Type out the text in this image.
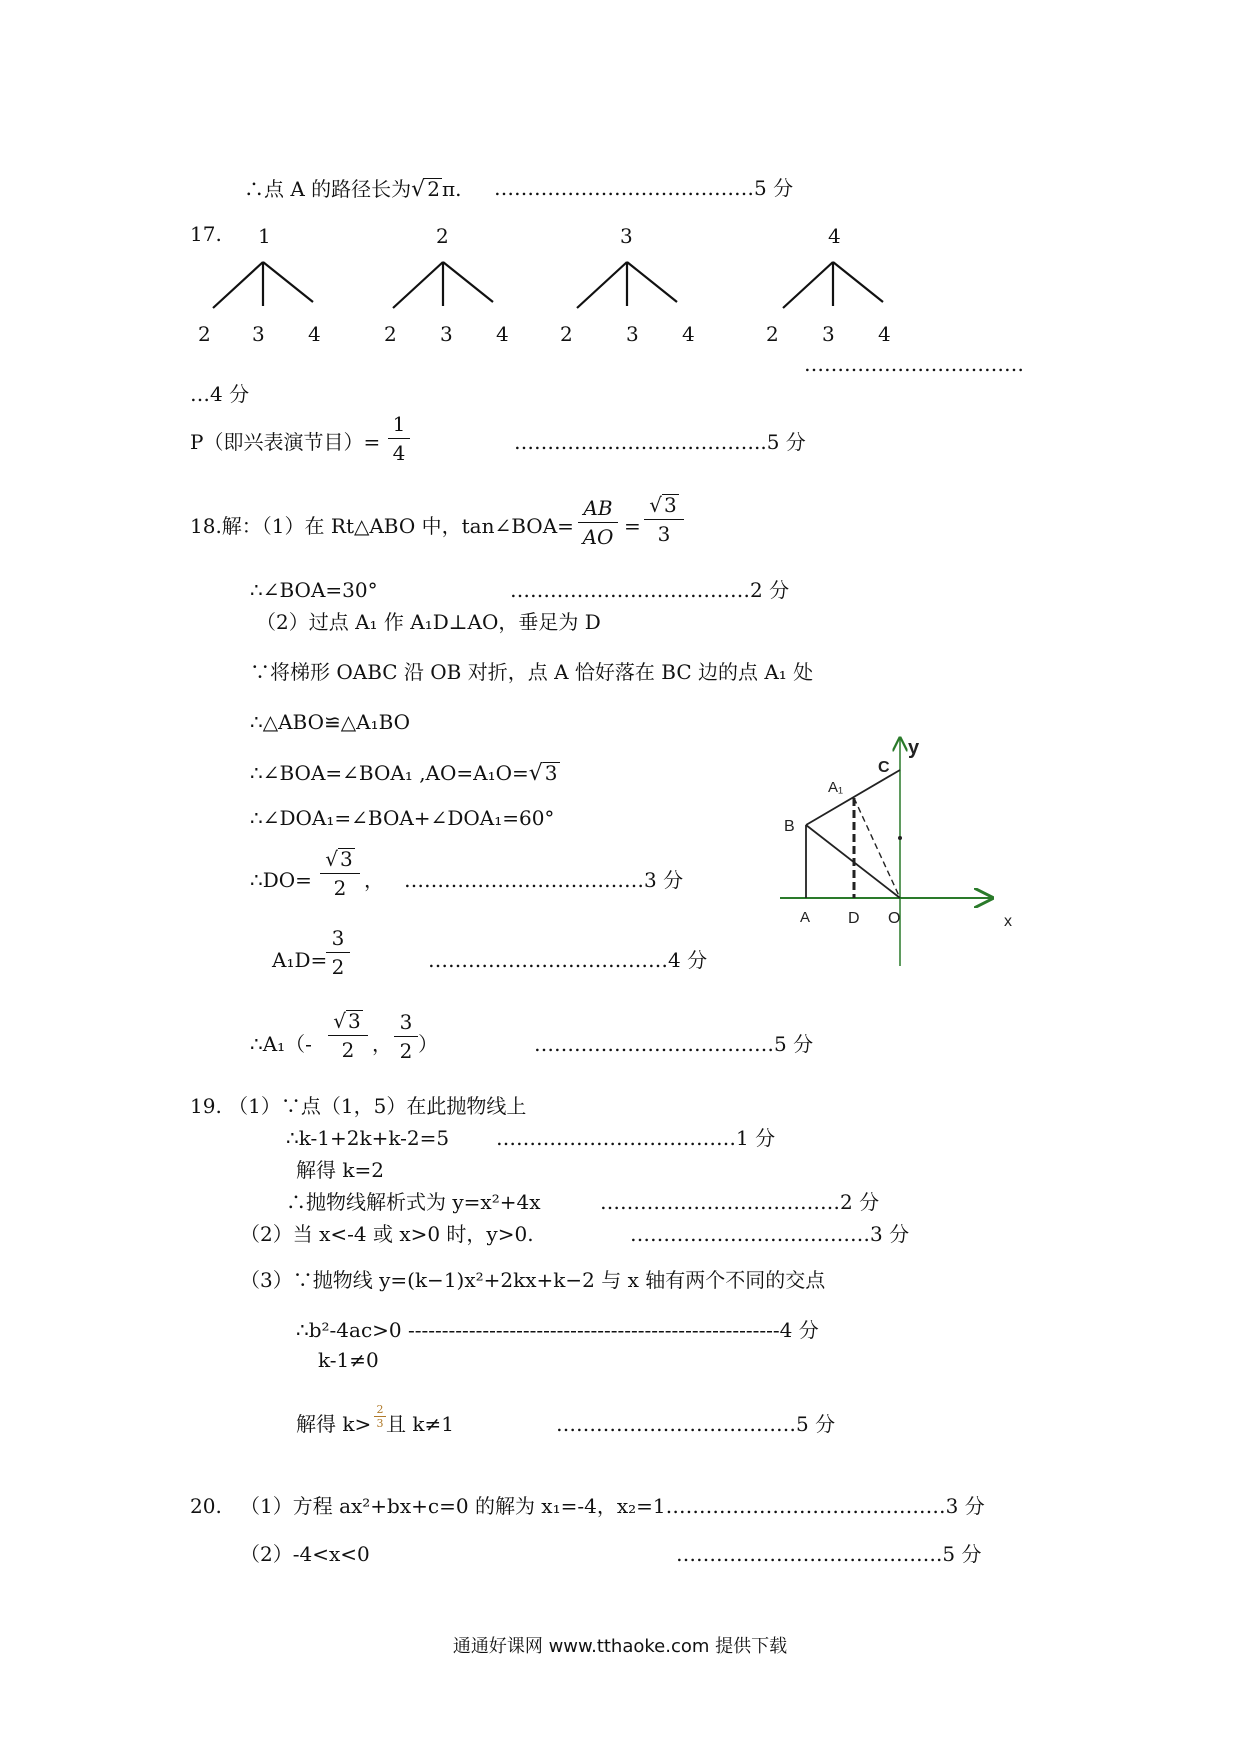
∴点 A 的路径长为√ 2 π. …………………………………5 分
17. 1	2	3	4
2 3 4	2 3 4	2	3 4	2 3 4
……………………………
…4 分
P（即兴表演节目）=
1
4	………………………………..5 分
18.解：（1）在 Rt△ABO 中，tan∠BOA=
AB
AO =
√ 3
3
∴∠BOA=30°	………………………………2 分
（2）过点 A₁ 作 A₁D⊥AO，垂足为 D
∵将梯形 OABC 沿 OB 对折，点 A 恰好落在 BC 边的点 A₁ 处
∴△ABO≌△A₁BO
∴∠BOA=∠BOA₁ ,AO=A₁O=√ 3
∴∠DOA₁=∠BOA+∠DOA₁=60°
∴DO=
√ 3
2 ， ………………………………3 分
A₁D=
3
2	………………………………4 分
∴A₁（-
√ 3
2 ，
3
2 ）	………………………………5 分
y
C
A₁
B
A D O	x
19. （1）∵点（1，5）在此抛物线上
∴k-1+2k+k-2=5 ………………………………1 分
解得 k=2
∴抛物线解析式为 y=x²+4x	………………………………2 分
（2）当 x<-4 或 x>0 时，y>0.	………………………………3 分
（3）∵抛物线 y=(k−1)x²+2kx+k−2 与 x 轴有两个不同的交点
∴b²-4ac>0 -------------------------------------------------------4 分
k-1≠0
解得 k>
2
3 且 k≠1	………………………………5 分
20. （1）方程 ax²+bx+c=0 的解为 x₁=-4，x₂=1……………………………………3 分
（2）-4<x<0	………………………………….5 分
通通好课网 www.tthaoke.com 提供下载
